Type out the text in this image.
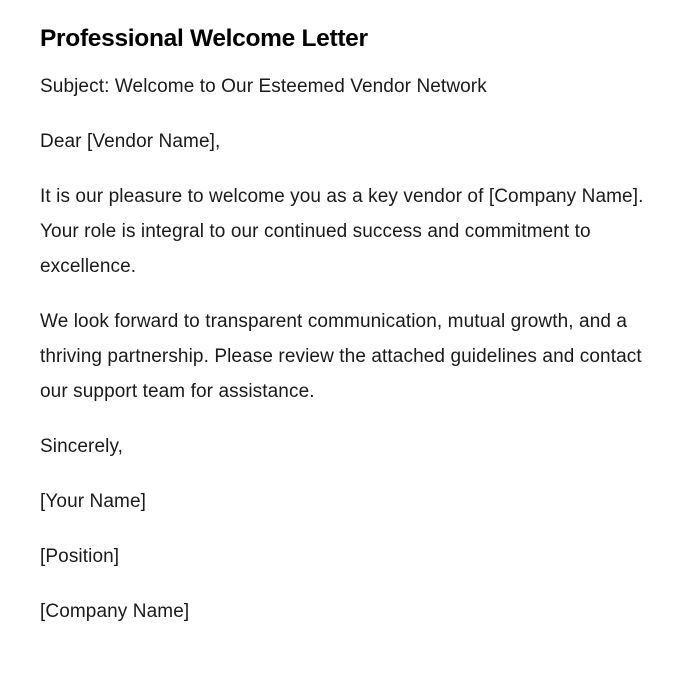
Professional Welcome Letter

Subject: Welcome to Our Esteemed Vendor Network

Dear [Vendor Name],

It is our pleasure to welcome you as a key vendor of [Company Name]. Your role is integral to our continued success and commitment to excellence.

We look forward to transparent communication, mutual growth, and a thriving partnership. Please review the attached guidelines and contact our support team for assistance.

Sincerely,

[Your Name]

[Position]

[Company Name]
